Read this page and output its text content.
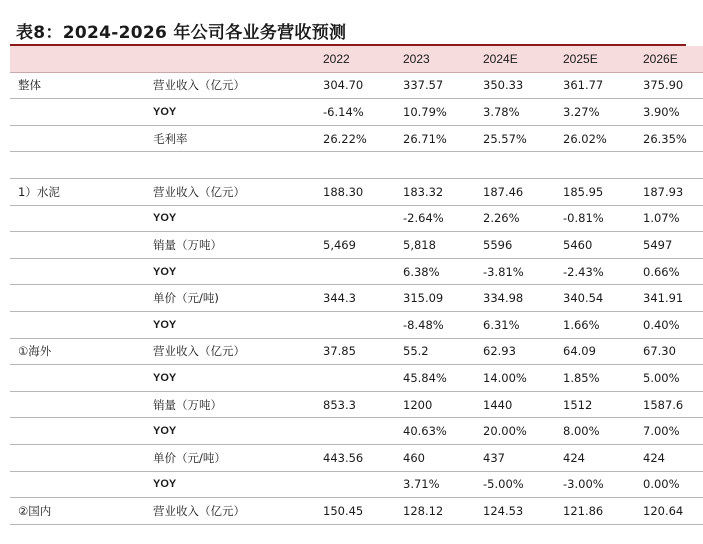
表8：2024-2026 年公司各业务营收预测
		2022	2023	2024E	2025E	2026E
整体	营业收入（亿元）	304.70	337.57	350.33	361.77	375.90
	YOY	-6.14%	10.79%	3.78%	3.27%	3.90%
	毛利率	26.22%	26.71%	25.57%	26.02%	26.35%

1）水泥	营业收入（亿元）	188.30	183.32	187.46	185.95	187.93
	YOY		-2.64%	2.26%	-0.81%	1.07%
	销量（万吨）	5,469	5,818	5596	5460	5497
	YOY		6.38%	-3.81%	-2.43%	0.66%
	单价（元/吨)	344.3	315.09	334.98	340.54	341.91
	YOY		-8.48%	6.31%	1.66%	0.40%
①海外	营业收入（亿元）	37.85	55.2	62.93	64.09	67.30
	YOY		45.84%	14.00%	1.85%	5.00%
	销量（万吨）	853.3	1200	1440	1512	1587.6
	YOY		40.63%	20.00%	8.00%	7.00%
	单价（元/吨）	443.56	460	437	424	424
	YOY		3.71%	-5.00%	-3.00%	0.00%
②国内	营业收入（亿元）	150.45	128.12	124.53	121.86	120.64
